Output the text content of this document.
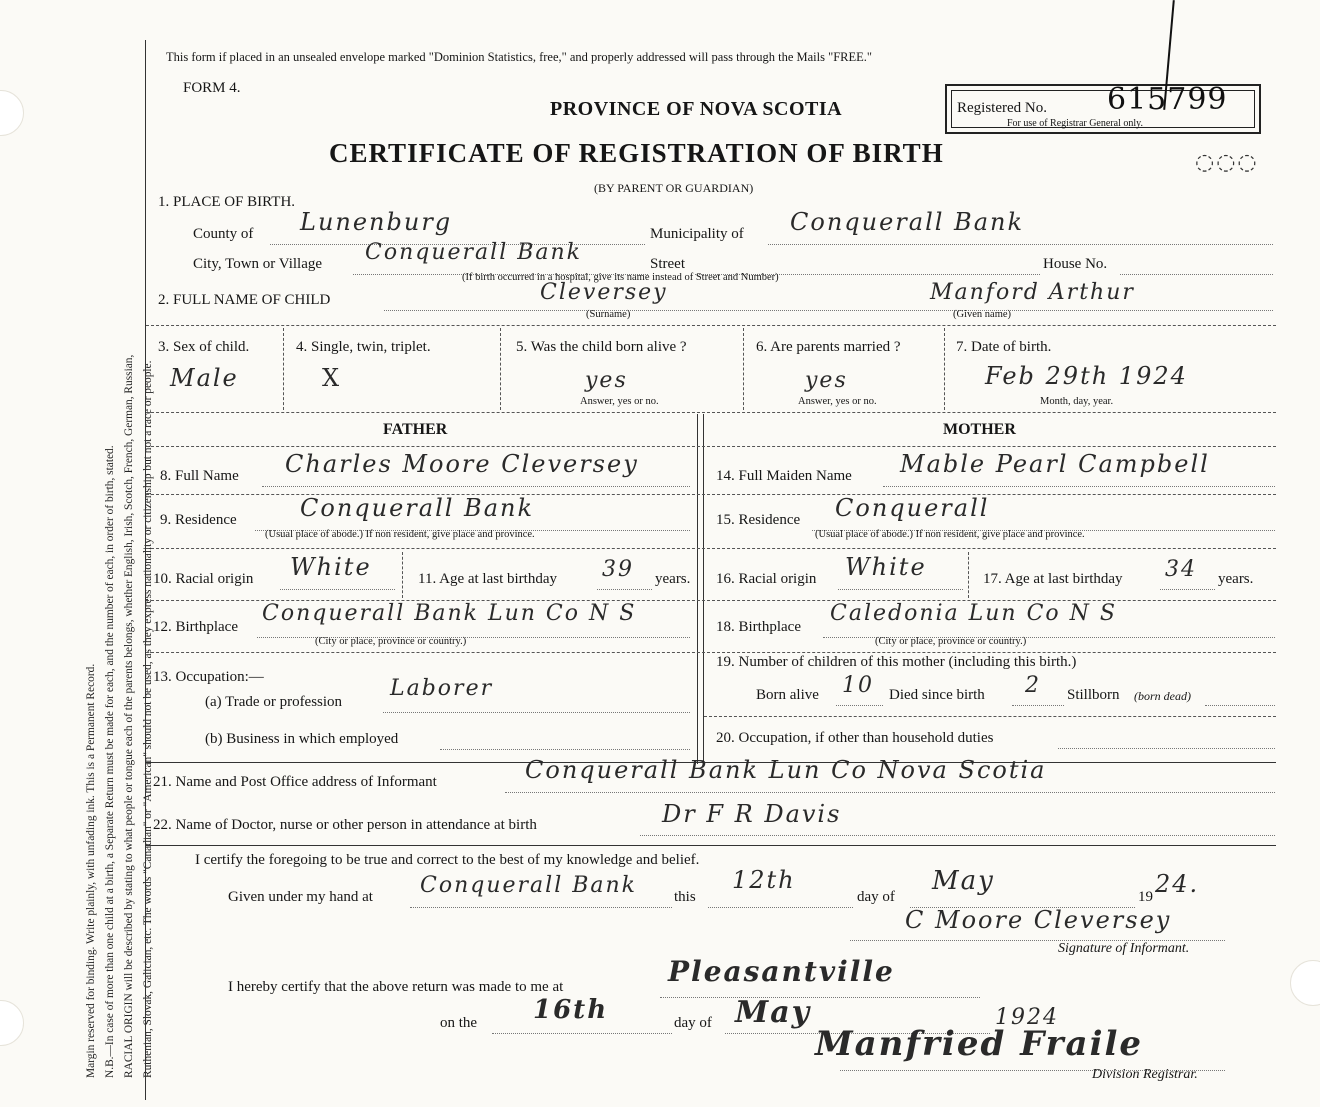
Margin reserved for binding. Write plainly, with unfading ink. This is a Permanent Record. N.B.—In case of more than one child at a birth, a Separate Return must be made for each, and the number of each, in order of birth, stated. RACIAL ORIGIN will be described by stating to what people or tongue each of the parents belongs, whether English, Irish, Scotch, French, German, Russian, Ruthenian, Slovak, Galician, etc. The words "Canadian" or "American" should not be used, as they express nationality or citizenship but not a race or people.
This form if placed in an unsealed envelope marked "Dominion Statistics, free," and properly addressed will pass through the Mails "FREE."
FORM 4.
PROVINCE OF NOVA SCOTIA
CERTIFICATE OF REGISTRATION OF BIRTH
(BY PARENT OR GUARDIAN)
Registered No. 615799
For use of Registrar General only.
◌◌◌
1. PLACE OF BIRTH.
County of Lunenburg	Municipality of Conquerall Bank
City, Town or Village Conquerall Bank	Street	House No.
(If birth occurred in a hospital, give its name instead of Street and Number)
2. FULL NAME OF CHILD	Cleversey	Manford Arthur
(Surname)	(Given name)
3. Sex of child.
Male
4. Single, twin, triplet.
X
5. Was the child born alive ?
yes
Answer, yes or no.
6. Are parents married ?
yes
Answer, yes or no.
7. Date of birth.
Feb 29th 1924
Month, day, year.
FATHER	MOTHER
8. Full Name Charles Moore Cleversey	14. Full Maiden Name Mable Pearl Campbell
9. Residence	Conquerall Bank
(Usual place of abode.) If non resident, give place and province.
15. Residence Conquerall
(Usual place of abode.) If non resident, give place and province.
10. Racial origin White	11. Age at last birthday 39 years. 16. Racial origin White	17. Age at last birthday 34 years.
12. Birthplace
Conquerall Bank Lun Co N S
(City or place, province or country.)
18. Birthplace
Caledonia Lun Co N S
(City or place, province or country.)
13. Occupation:—
(a) Trade or profession
Laborer
(b) Business in which employed
19. Number of children of this mother (including this birth.)
Born alive 10 Died since birth 2 Stillborn (born dead)
20. Occupation, if other than household duties
21. Name and Post Office address of Informant	Conquerall Bank Lun Co Nova Scotia
22. Name of Doctor, nurse or other person in attendance at birth	Dr F R Davis
I certify the foregoing to be true and correct to the best of my knowledge and belief.
Given under my hand at Conquerall Bank this
12th
day of
May
19 24.
C Moore Cleversey
Signature of Informant.
I hereby certify that the above return was made to me at	Pleasantville
on the 16th	day of May	1924
Manfried Fraile
Division Registrar.
